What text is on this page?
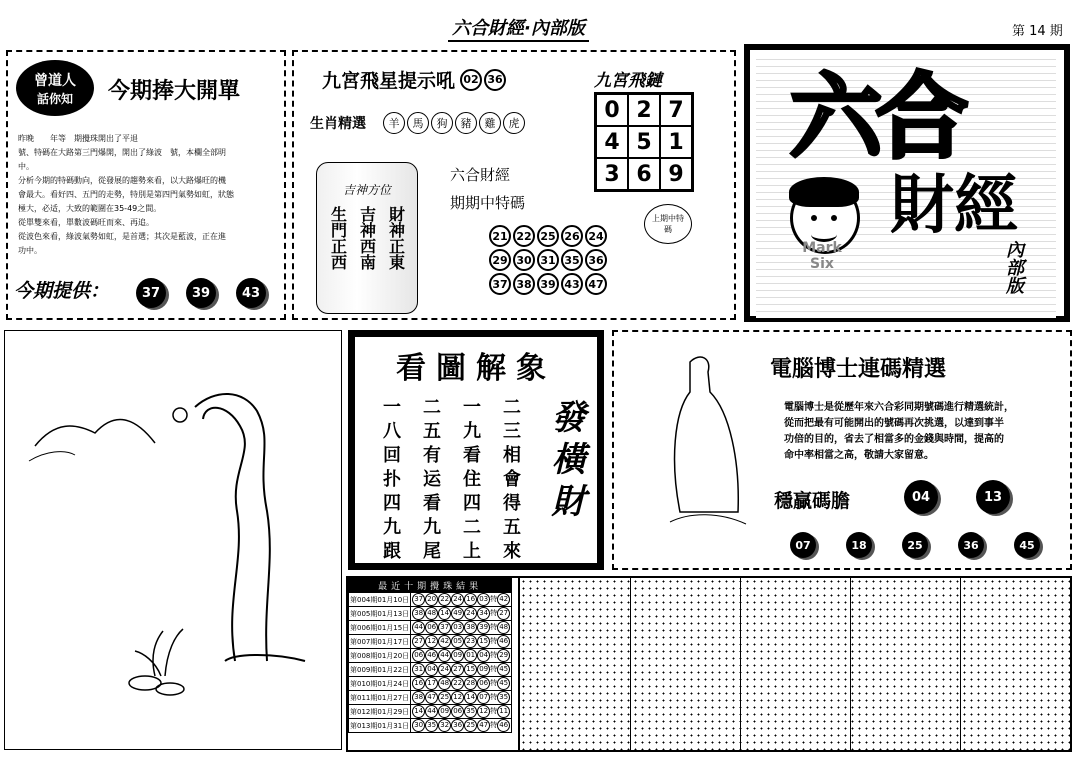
六合財經·內部版	第 14 期
曾道人
話你知	今期捧大開單
昨晚　　年等　期攪珠開出了平退
號、特碼在大路第三門爆開，開出了綠波　號，本欄全部明
中。
分析今期的特碼動向，從發展的趨勢來看，以大路爆旺的機
會最大。看好四、五門的走勢，特別是第四門氣勢如虹，狀態
極大，必适，大致的範圍在35-49之間。
從單雙來看，單數波碼旺而來、再追。
從波色來看，綠波氣勢如虹，是首選；其次是藍波，正在進
功中。
今期提供：	37	39	43
九宮飛星提示吼 02 36
生肖精選	羊	馬	狗	豬	雞	虎
九宮飛鏈
0	2	7
4	5	1
3	6	9
上期中特碼
吉神方位
財神正東
吉神西南
生門正西
六合財經
期期中特碼
21 22 25 26 24
29 30 31 35 36
37 38 39 43 47
六合
財經
Mark Six	內部版
看圖解象
二三相會得五來
一九看住四二上
二五有运看九尾
一八回扑四九跟	發橫財
電腦博士連碼精選
電腦博士是從歷年來六合彩同期號碼進行精選統計，
從而把最有可能開出的號碼再次挑選，以達到事半
功倍的目的，省去了相當多的金錢與時間，提高的
命中率相當之高，敬請大家留意。
穩贏碼膽	04	13
07	18	25	36	45
最近十期攪珠結果	
第004期01月10日	37 20 22 24 16 03 特 42
第005期01月13日	38 48 14 49 24 34 特 27
第006期01月15日	44 06 37 03 38 39 特 48
第007期01月17日	27 12 42 05 23 15 特 46
第008期01月20日	06 46 44 09 01 04 特 29
第009期01月22日	31 04 24 27 15 09 特 45
第010期01月24日	16 17 48 22 28 06 特 45
第011期01月27日	38 47 25 12 14 07 特 35
第012期01月29日	14 44 09 06 35 12 特 11
第013期01月31日	30 35 32 36 25 47 特 46
